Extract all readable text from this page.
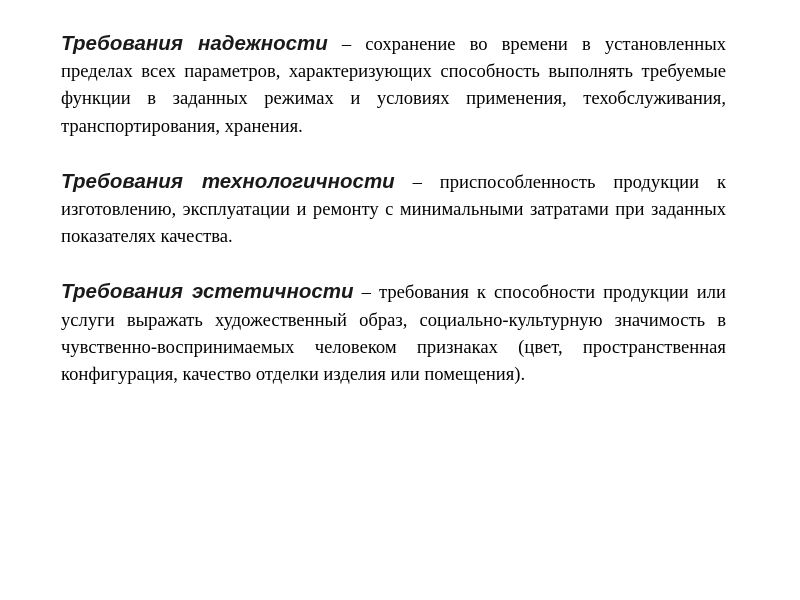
Требования надежности – сохранение во времени в установленных пределах всех параметров, характеризующих способность выполнять требуемые функции в заданных режимах и условиях применения, техобслуживания, транспортирования, хранения.

Требования технологичности – приспособленность продукции к изготовлению, эксплуатации и ремонту с минимальными затратами при заданных показателях качества.

Требования эстетичности – требования к способности продукции или услуги выражать художественный образ, социально-культурную значимость в чувственно-воспринимаемых человеком признаках (цвет, пространственная конфигурация, качество отделки изделия или помещения).
